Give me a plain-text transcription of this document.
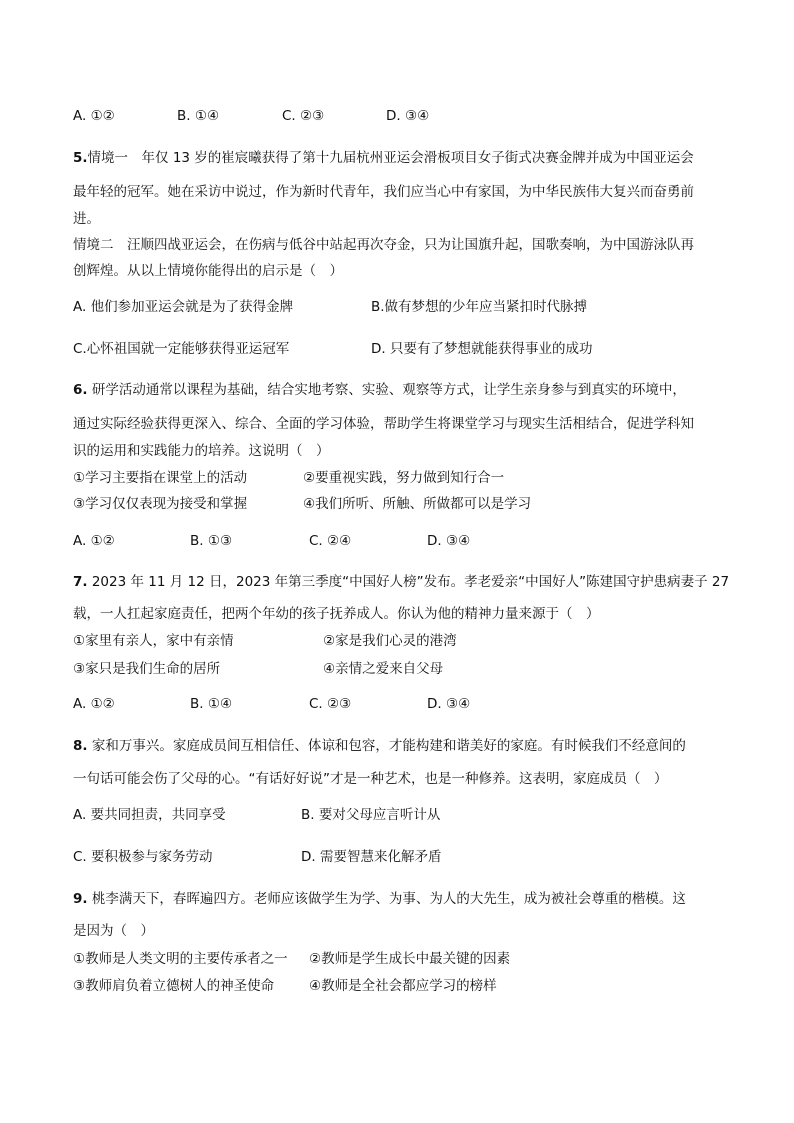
A. ①②	B. ①④	C. ②③	D. ③④
5.情境一　年仅 13 岁的崔宸曦获得了第十九届杭州亚运会滑板项目女子街式决赛金牌并成为中国亚运会
最年轻的冠军。她在采访中说过，作为新时代青年，我们应当心中有家国，为中华民族伟大复兴而奋勇前
进。
情境二　汪顺四战亚运会，在伤病与低谷中站起再次夺金，只为让国旗升起，国歌奏响，为中国游泳队再
创辉煌。从以上情境你能得出的启示是（　）
A. 他们参加亚运会就是为了获得金牌	B.做有梦想的少年应当紧扣时代脉搏
C.心怀祖国就一定能够获得亚运冠军	D. 只要有了梦想就能获得事业的成功
6. 研学活动通常以课程为基础，结合实地考察、实验、观察等方式，让学生亲身参与到真实的环境中，
通过实际经验获得更深入、综合、全面的学习体验，帮助学生将课堂学习与现实生活相结合，促进学科知
识的运用和实践能力的培养。这说明（　）
①学习主要指在课堂上的活动	②要重视实践，努力做到知行合一
③学习仅仅表现为接受和掌握	④我们所听、所触、所做都可以是学习
A. ①②	B. ①③	C. ②④	D. ③④
7. 2023 年 11 月 12 日，2023 年第三季度“中国好人榜”发布。孝老爱亲“中国好人”陈建国守护患病妻子 27
载，一人扛起家庭责任，把两个年幼的孩子抚养成人。你认为他的精神力量来源于（　）
①家里有亲人，家中有亲情	②家是我们心灵的港湾
③家只是我们生命的居所	④亲情之爱来自父母
A. ①②	B. ①④	C. ②③	D. ③④
8. 家和万事兴。家庭成员间互相信任、体谅和包容，才能构建和谐美好的家庭。有时候我们不经意间的
一句话可能会伤了父母的心。“有话好好说”才是一种艺术，也是一种修养。这表明，家庭成员（　）
A. 要共同担责，共同享受	B. 要对父母应言听计从
C. 要积极参与家务劳动	D. 需要智慧来化解矛盾
9. 桃李满天下，春晖遍四方。老师应该做学生为学、为事、为人的大先生，成为被社会尊重的楷模。这
是因为（　）
①教师是人类文明的主要传承者之一 ②教师是学生成长中最关键的因素
③教师肩负着立德树人的神圣使命	④教师是全社会都应学习的榜样
